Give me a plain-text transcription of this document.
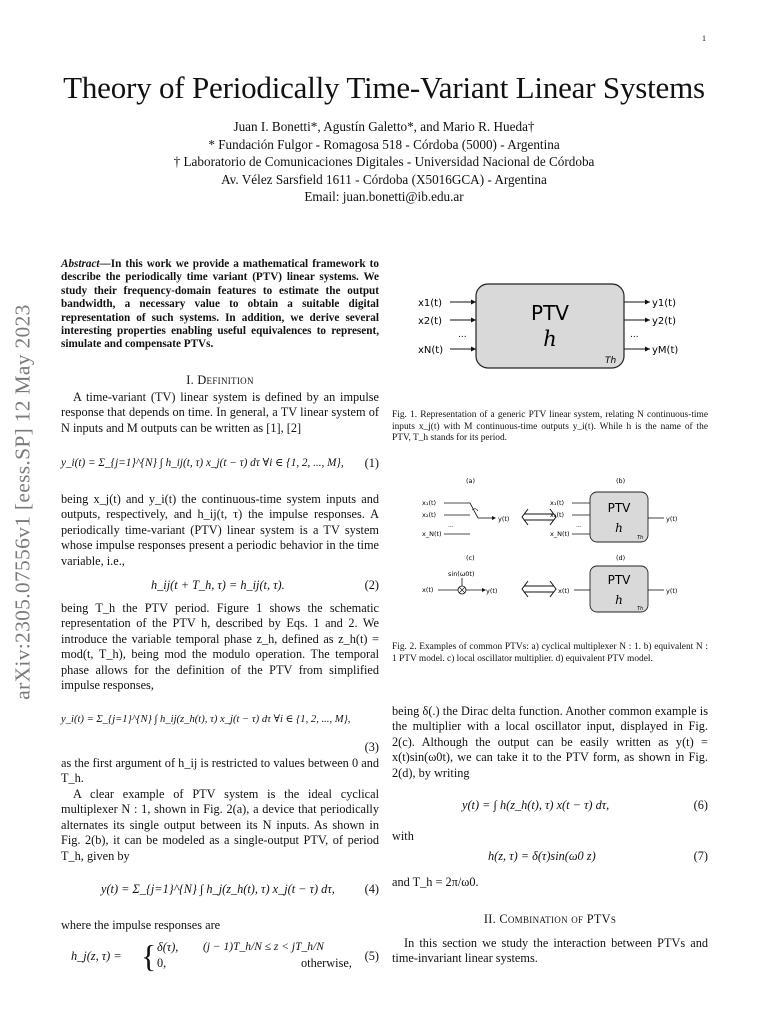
1
Theory of Periodically Time-Variant Linear Systems
Juan I. Bonetti*, Agustín Galetto*, and Mario R. Hueda†
* Fundación Fulgor - Romagosa 518 - Córdoba (5000) - Argentina
† Laboratorio de Comunicaciones Digitales - Universidad Nacional de Córdoba
Av. Vélez Sarsfield 1611 - Córdoba (X5016GCA) - Argentina
Email: juan.bonetti@ib.edu.ar
arXiv:2305.07556v1 [eess.SP] 12 May 2023
Abstract—In this work we provide a mathematical framework to describe the periodically time variant (PTV) linear systems. We study their frequency-domain features to estimate the output bandwidth, a necessary value to obtain a suitable digital representation of such systems. In addition, we derive several interesting properties enabling useful equivalences to represent, simulate and compensate PTVs.
I. Definition

A time-variant (TV) linear system is defined by an impulse response that depends on time. In general, a TV linear system of N inputs and M outputs can be written as [1], [2]

y_i(t) = Σ_{j=1}^{N} ∫ h_ij(t, τ) x_j(t − τ) dτ ∀i ∈ {1, 2, ..., M}, (1)

being x_j(t) and y_i(t) the continuous-time system inputs and outputs, respectively, and h_ij(t, τ) the impulse responses. A periodically time-variant (PTV) linear system is a TV system whose impulse responses present a periodic behavior in the time variable, i.e.,

h_ij(t + T_h, τ) = h_ij(t, τ).	(2)

being T_h the PTV period. Figure 1 shows the schematic representation of the PTV h, described by Eqs. 1 and 2. We introduce the variable temporal phase z_h, defined as z_h(t) = mod(t, T_h), being mod the modulo operation. The temporal phase allows for the definition of the PTV from simplified impulse responses,

y_i(t) = Σ_{j=1}^{N} ∫ h_ij(z_h(t), τ) x_j(t − τ) dτ ∀i ∈ {1, 2, ..., M},
(3)

as the first argument of h_ij is restricted to values between 0 and T_h.

A clear example of PTV system is the ideal cyclical multiplexer N : 1, shown in Fig. 2(a), a device that periodically alternates its single output between its N inputs. As shown in Fig. 2(b), it can be modeled as a single-output PTV, of period T_h, given by

y(t) = Σ_{j=1}^{N} ∫ h_j(z_h(t), τ) x_j(t − τ) dτ, (4)

where the impulse responses are

h_j(z, τ) = { δ(τ), (j − 1)T_h/N ≤ z < jT_h/N
0,	otherwise, (5)
x1(t)
x2(t)
...
xN(t)
y1(t)
y2(t)
...
yM(t)
PTV
h
Th
Fig. 1. Representation of a generic PTV linear system, relating N continuous-time inputs x_j(t) with M continuous-time outputs y_i(t). While h is the name of the PTV, T_h stands for its period.
(a)	(b)
(c)	(d)
x₁(t)
x₂(t)
...
x_N(t)
y(t)
x₁(t)
x₂(t)
...
x_N(t)
PTV
h
Th
y(t)
sin(ω0t)
x(t)	y(t)	x(t)
PTV
h
Th
y(t)
Fig. 2. Examples of common PTVs: a) cyclical multiplexer N : 1. b) equivalent N : 1 PTV model. c) local oscillator multiplier. d) equivalent PTV model.

being δ(.) the Dirac delta function. Another common example is the multiplier with a local oscillator input, displayed in Fig. 2(c). Although the output can be easily written as y(t) = x(t)sin(ω0t), we can take it to the PTV form, as shown in Fig. 2(d), by writing

y(t) = ∫ h(z_h(t), τ) x(t − τ) dτ,	(6)

with

h(z, τ) = δ(τ)sin(ω0 z)	(7)

and T_h = 2π/ω0.

II. Combination of PTVs

In this section we study the interaction between PTVs and time-invariant linear systems.
